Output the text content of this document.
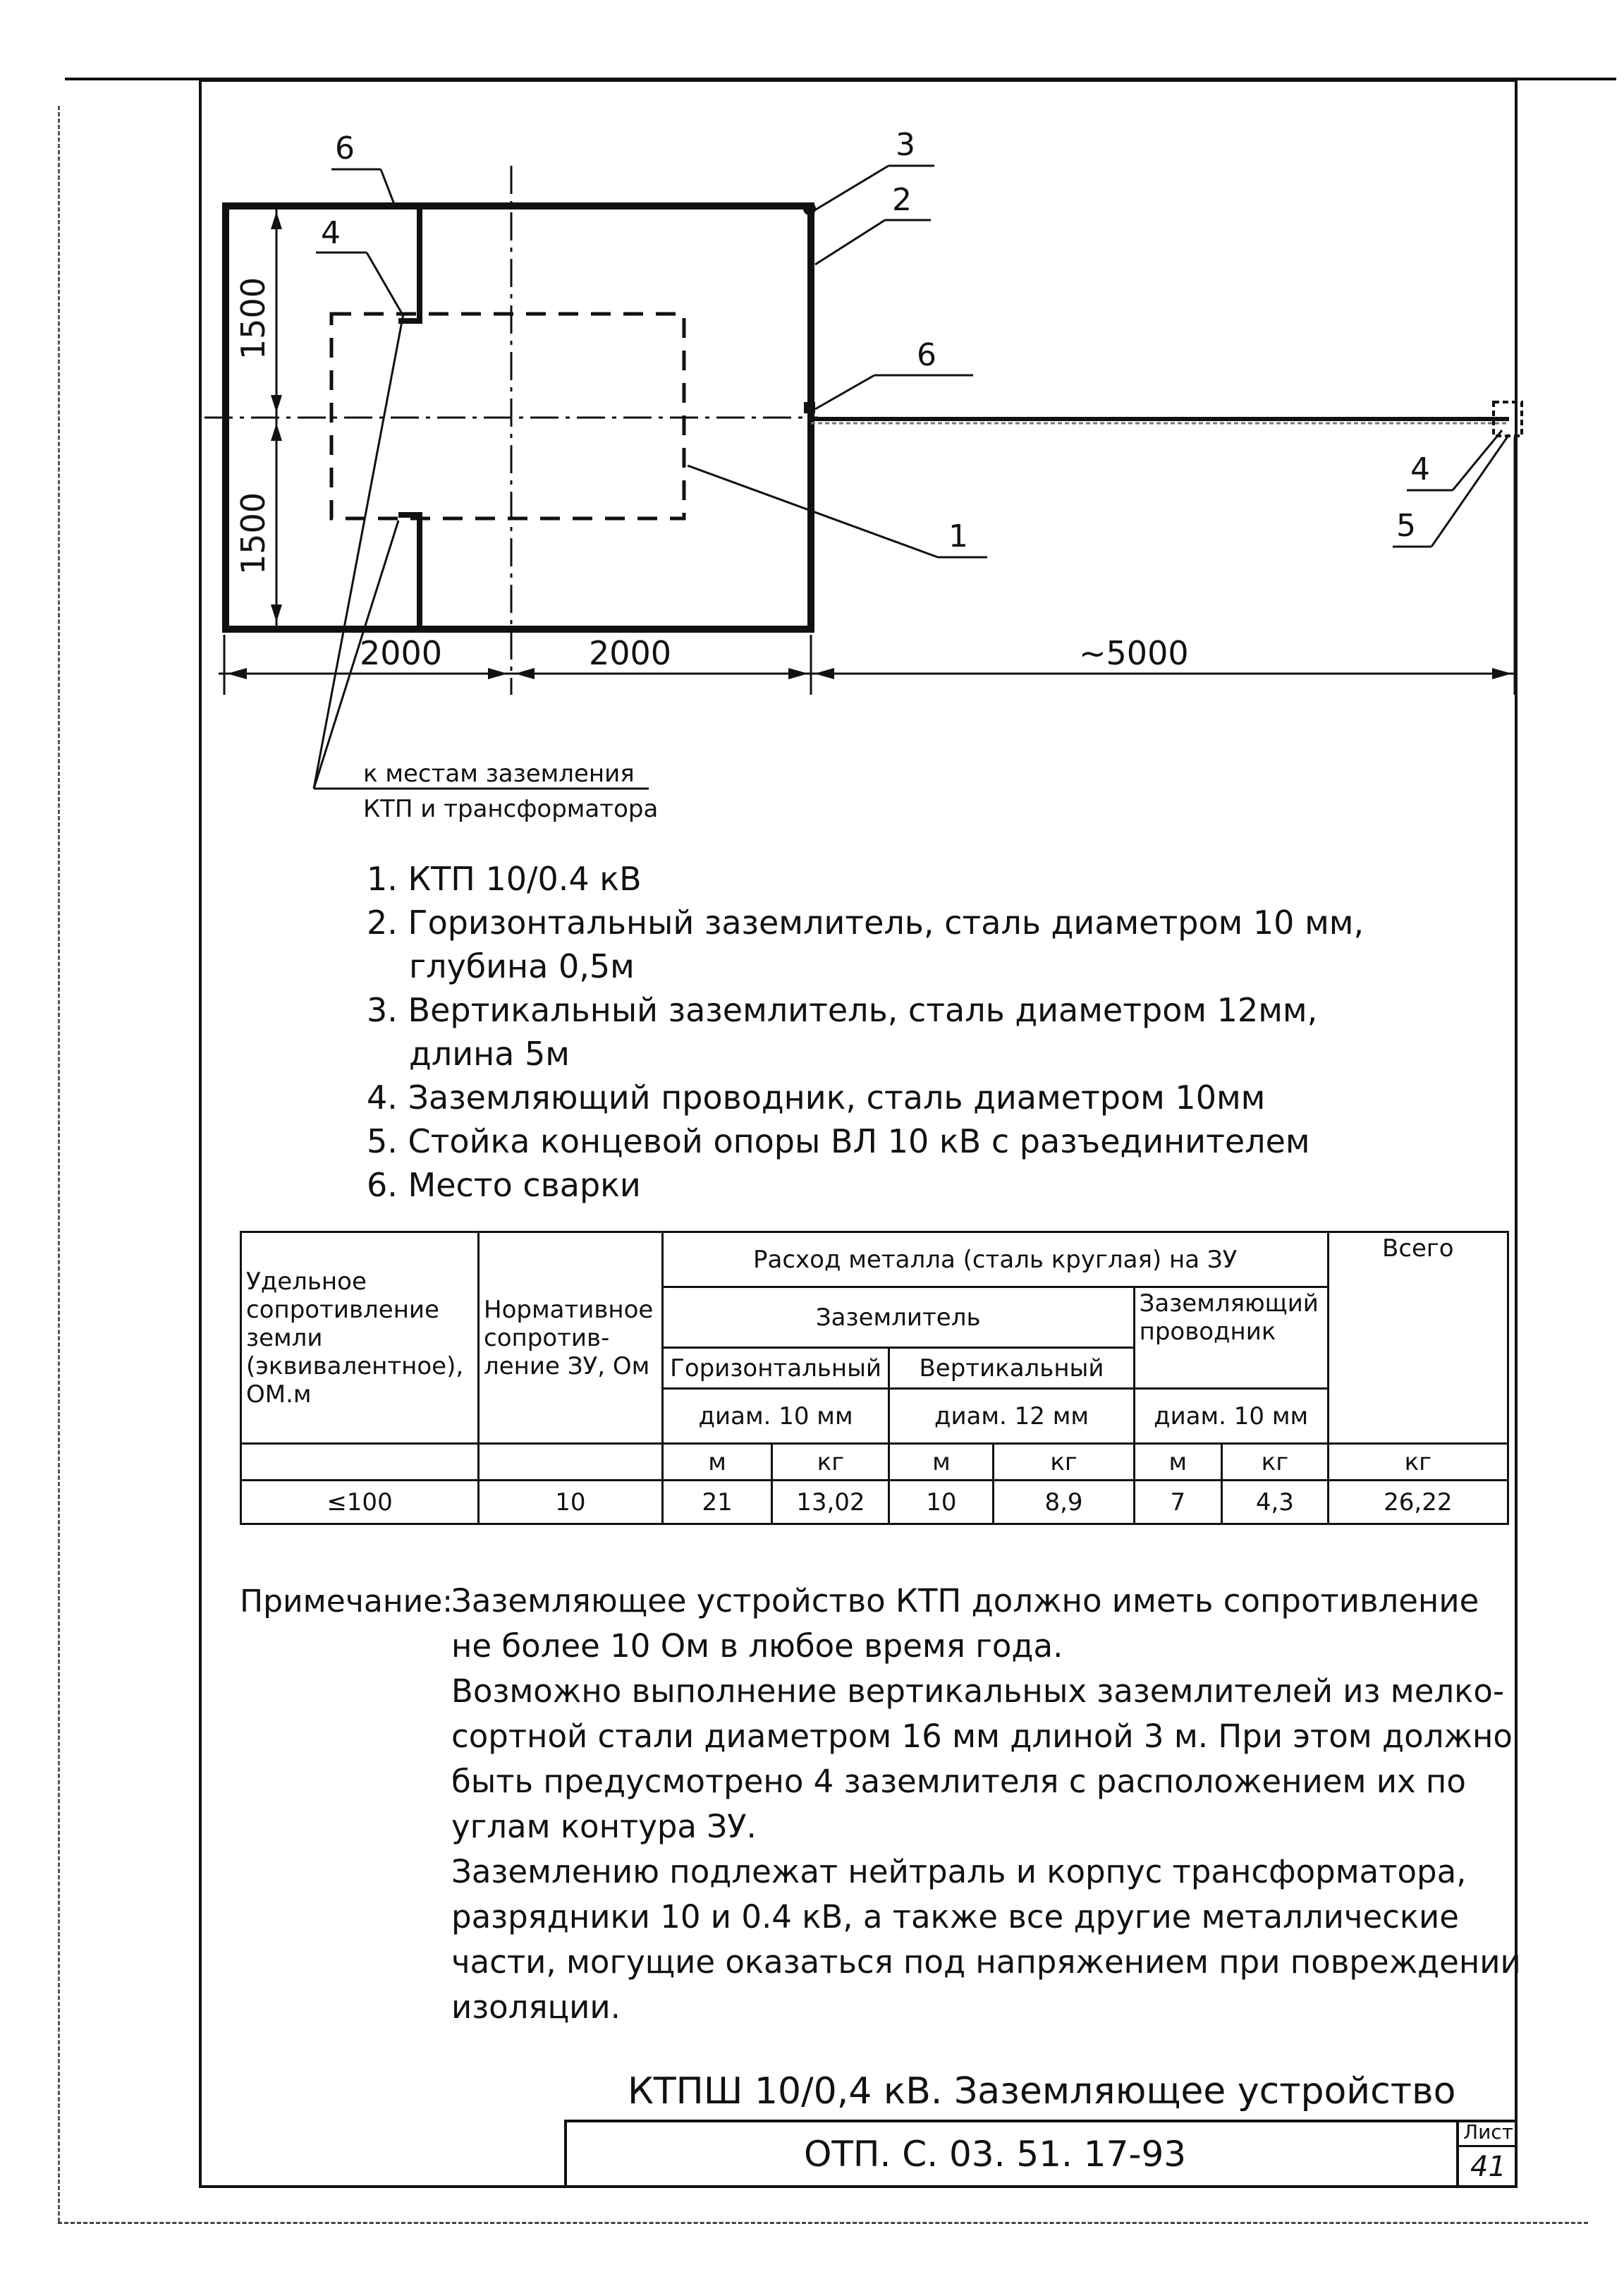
1500
1500
2000	2000	~5000
6
4
3
2
6
1
4
5
к местам заземления
КТП и трансформатора
1. КТП 10/0.4 кВ
2. Горизонтальный заземлитель, сталь диаметром 10 мм,
глубина 0,5м
3. Вертикальный заземлитель, сталь диаметром 12мм,
длина 5м
4. Заземляющий проводник, сталь диаметром 10мм
5. Стойка концевой опоры ВЛ 10 кВ с разъединителем
6. Место сварки
Удельное сопротивление земли (эквивалентное), ОМ.м	Нормативное сопротив- ление ЗУ, Ом	Расход металла (сталь круглая) на ЗУ						Всего
		Заземлитель				Заземляющий проводник		
		Горизонтальный		Вертикальный				
		диам. 10 мм		диам. 12 мм		диам. 10 мм		
		м	кг	м	кг	м	кг	кг
≤100	10	21	13,02	10	8,9	7	4,3	26,22
Примечание:
Заземляющее устройство КТП должно иметь сопротивление
не более 10 Ом в любое время года.
Возможно выполнение вертикальных заземлителей из мелко-
сортной стали диаметром 16 мм длиной 3 м. При этом должно
быть предусмотрено 4 заземлителя с расположением их по
углам контура ЗУ.
Заземлению подлежат нейтраль и корпус трансформатора,
разрядники 10 и 0.4 кВ, а также все другие металлические
части, могущие оказаться под напряжением при повреждении
изоляции.
КТПШ 10/0,4 кВ. Заземляющее устройство
ОТП. С. 03. 51. 17-93
Лист
41
